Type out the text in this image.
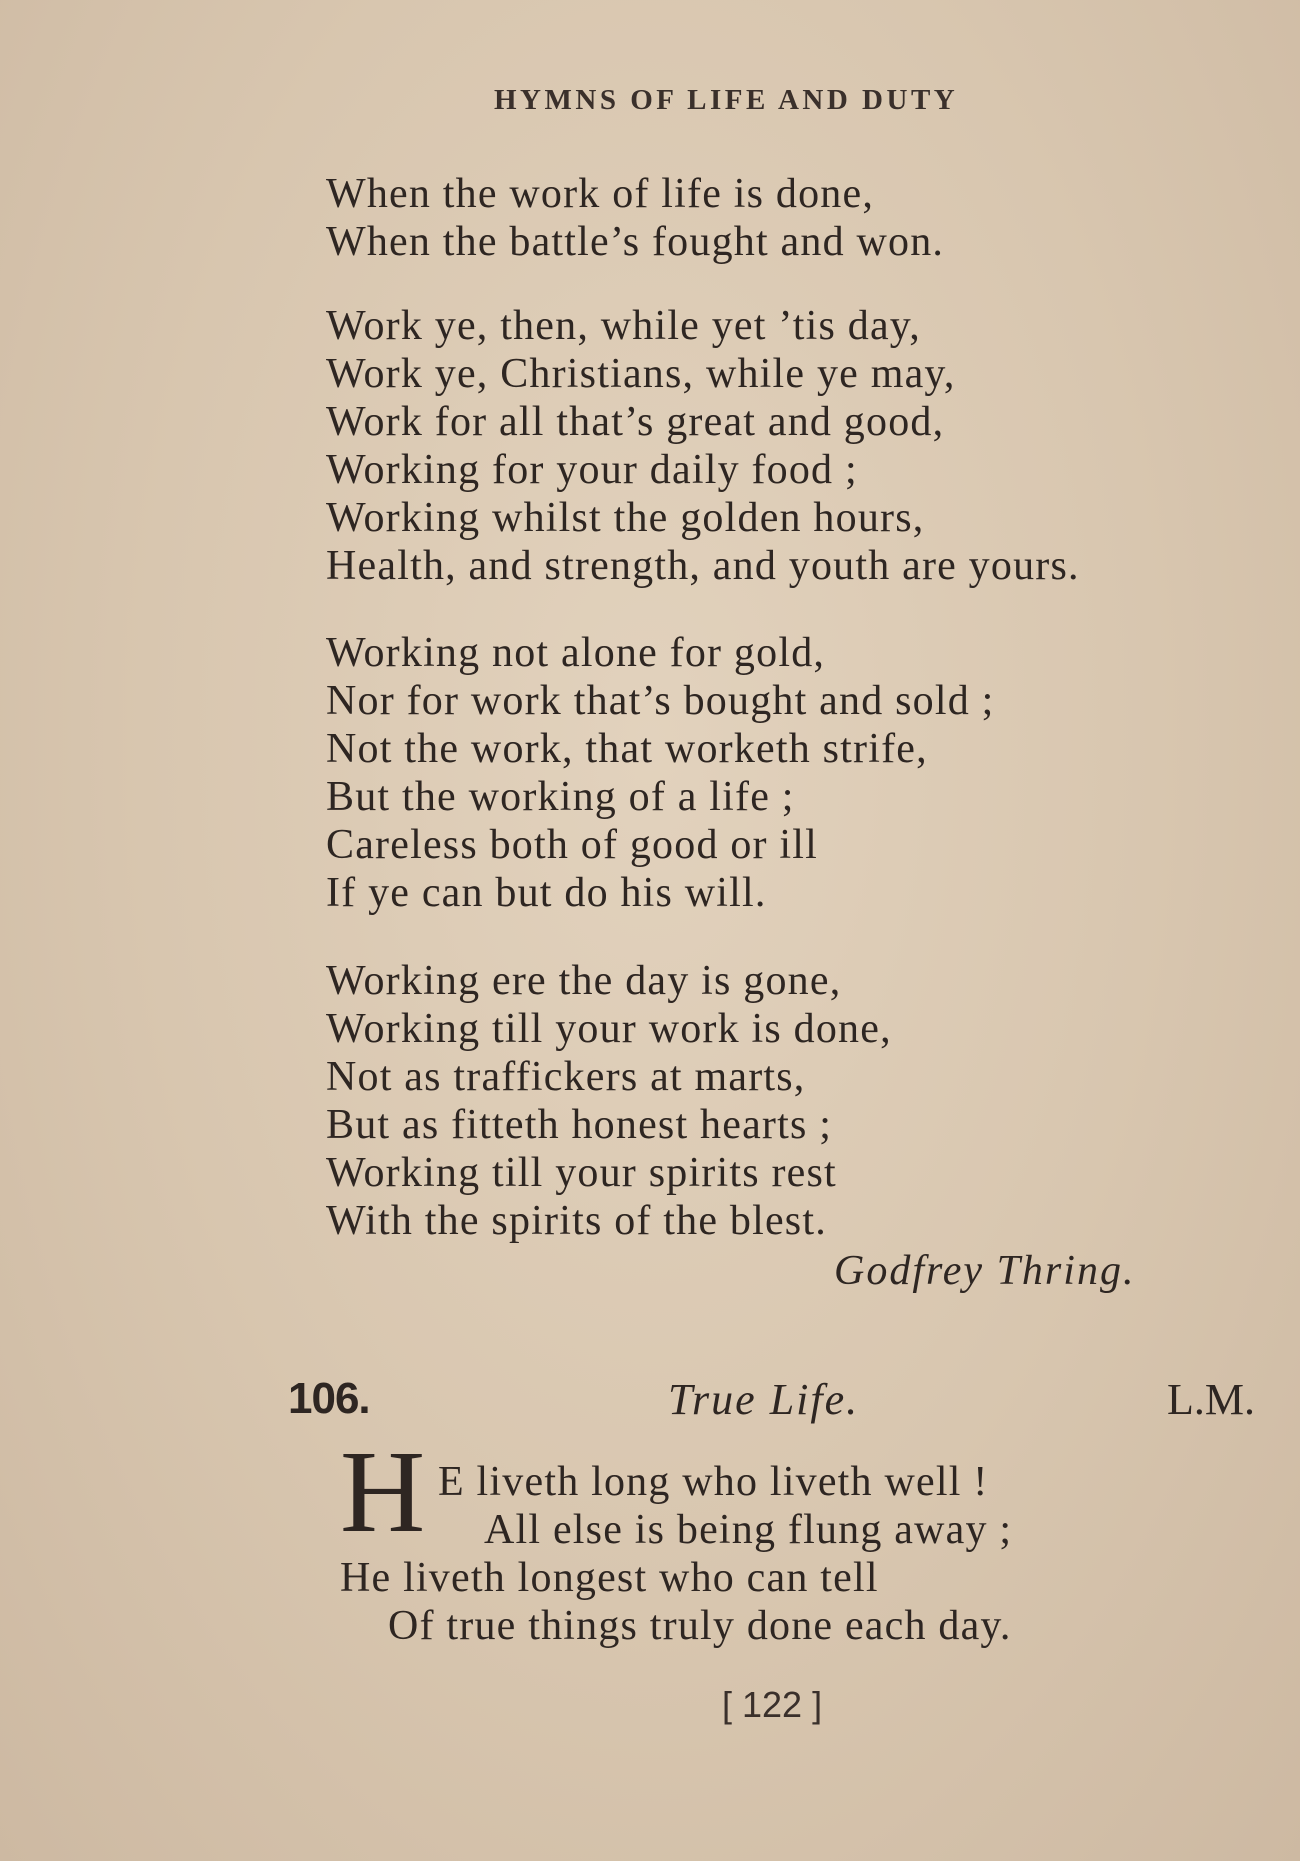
HYMNS OF LIFE AND DUTY
When the work of life is done,
When the battle’s fought and won.
Work ye, then, while yet ’tis day,
Work ye, Christians, while ye may,
Work for all that’s great and good,
Working for your daily food ;
Working whilst the golden hours,
Health, and strength, and youth are yours.
Working not alone for gold,
Nor for work that’s bought and sold ;
Not the work, that worketh strife,
But the working of a life ;
Careless both of good or ill
If ye can but do his will.
Working ere the day is gone,
Working till your work is done,
Not as traffickers at marts,
But as fitteth honest hearts ;
Working till your spirits rest
With the spirits of the blest.
Godfrey Thring.
106.	True Life.	L.M.
H E liveth long who liveth well !
All else is being flung away ;
He liveth longest who can tell
Of true things truly done each day.
[ 122 ]
